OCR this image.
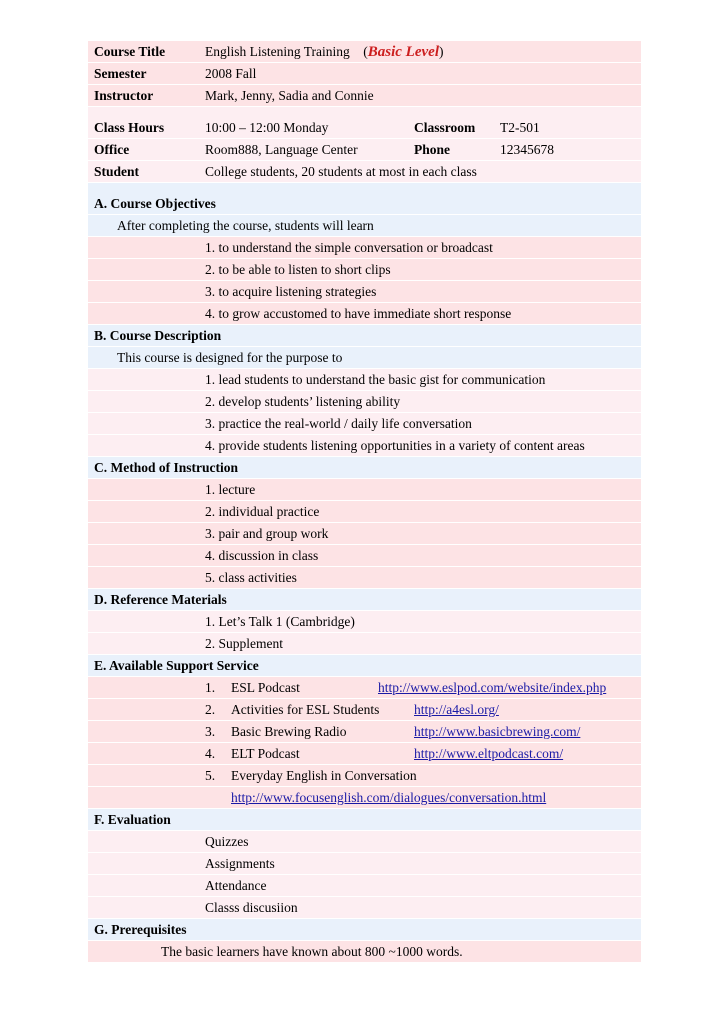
Course Title	English Listening Training (Basic Level)
Semester	2008 Fall
Instructor	Mark, Jenny, Sadia and Connie
Class Hours	10:00 – 12:00 Monday	Classroom T2-501
Office	Room888, Language Center	Phone	12345678
Student	College students, 20 students at most in each class
A. Course Objectives
After completing the course, students will learn
1. to understand the simple conversation or broadcast
2. to be able to listen to short clips
3. to acquire listening strategies
4. to grow accustomed to have immediate short response
B. Course Description
This course is designed for the purpose to
1. lead students to understand the basic gist for communication
2. develop students’ listening ability
3. practice the real-world / daily life conversation
4. provide students listening opportunities in a variety of content areas
C. Method of Instruction
1. lecture
2. individual practice
3. pair and group work
4. discussion in class
5. class activities
D. Reference Materials
1. Let’s Talk 1 (Cambridge)
2. Supplement
E. Available Support Service
1. ESL Podcast	http://www.eslpod.com/website/index.php
2. Activities for ESL Students	http://a4esl.org/
3. Basic Brewing Radio	http://www.basicbrewing.com/
4. ELT Podcast	http://www.eltpodcast.com/
5. Everyday English in Conversation
http://www.focusenglish.com/dialogues/conversation.html
F. Evaluation
Quizzes
Assignments
Attendance
Classs discusiion
G. Prerequisites
The basic learners have known about 800 ~1000 words.
